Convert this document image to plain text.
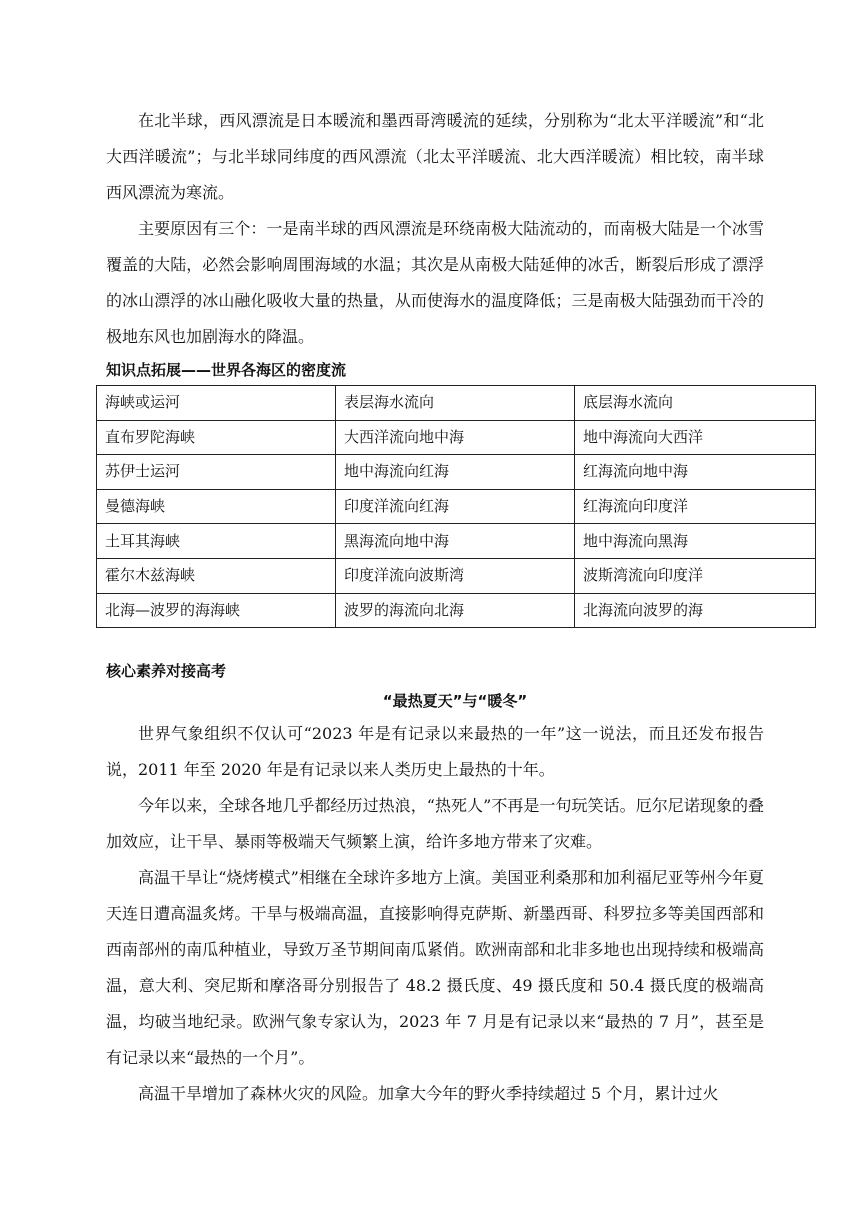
在北半球，西风漂流是日本暖流和墨西哥湾暖流的延续，分别称为“北太平洋暖流”和“北大西洋暖流”；与北半球同纬度的西风漂流（北太平洋暖流、北大西洋暖流）相比较，南半球西风漂流为寒流。

主要原因有三个：一是南半球的西风漂流是环绕南极大陆流动的，而南极大陆是一个冰雪覆盖的大陆，必然会影响周围海域的水温；其次是从南极大陆延伸的冰舌，断裂后形成了漂浮的冰山漂浮的冰山融化吸收大量的热量，从而使海水的温度降低；三是南极大陆强劲而干冷的极地东风也加剧海水的降温。

知识点拓展——世界各海区的密度流

海峡或运河	表层海水流向	底层海水流向
直布罗陀海峡	大西洋流向地中海	地中海流向大西洋
苏伊士运河	地中海流向红海	红海流向地中海
曼德海峡	印度洋流向红海	红海流向印度洋
土耳其海峡	黑海流向地中海	地中海流向黑海
霍尔木兹海峡	印度洋流向波斯湾	波斯湾流向印度洋
北海—波罗的海海峡	波罗的海流向北海	北海流向波罗的海

核心素养对接高考

“最热夏天”与“暖冬”

世界气象组织不仅认可“2023 年是有记录以来最热的一年”这一说法，而且还发布报告说，2011 年至 2020 年是有记录以来人类历史上最热的十年。

今年以来，全球各地几乎都经历过热浪，“热死人”不再是一句玩笑话。厄尔尼诺现象的叠加效应，让干旱、暴雨等极端天气频繁上演，给许多地方带来了灾难。

高温干旱让“烧烤模式”相继在全球许多地方上演。美国亚利桑那和加利福尼亚等州今年夏天连日遭高温炙烤。干旱与极端高温，直接影响得克萨斯、新墨西哥、科罗拉多等美国西部和西南部州的南瓜种植业，导致万圣节期间南瓜紧俏。欧洲南部和北非多地也出现持续和极端高温，意大利、突尼斯和摩洛哥分别报告了 48.2 摄氏度、49 摄氏度和 50.4 摄氏度的极端高温，均破当地纪录。欧洲气象专家认为，2023 年 7 月是有记录以来“最热的 7 月”，甚至是有记录以来“最热的一个月”。

高温干旱增加了森林火灾的风险。加拿大今年的野火季持续超过 5 个月，累计过火
